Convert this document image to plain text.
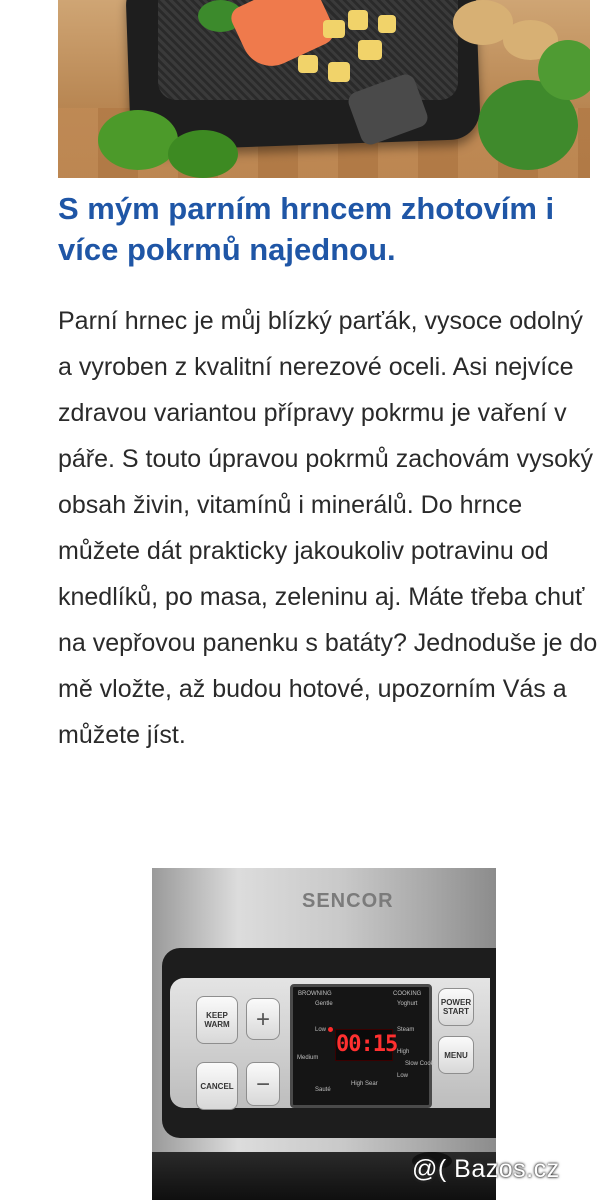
S mým parním hrncem zhotovím i více pokrmů najednou.

Parní hrnec je můj blízký parťák, vysoce odolný a vyroben z kvalitní nerezové oceli. Asi nejvíce zdravou variantou přípravy pokrmu je vaření v páře. S touto úpravou pokrmů zachovám vysoký obsah živin, vitamínů i minerálů. Do hrnce můžete dát prakticky jakoukoliv potravinu od knedlíků, po masa, zeleninu aj. Máte třeba chuť na vepřovou panenku s batáty? Jednoduše je do mě vložte, až budou hotové, upozorním Vás a můžete jíst.

SENCOR
KEEP WARM	+
CANCEL −
BROWNING	COOKING
Gentle	Yoghurt
Low	Steam
00:15
Medium
High
Slow Cook
Sauté
High Sear
Low
POWER START
MENU
@( Bazos.cz
